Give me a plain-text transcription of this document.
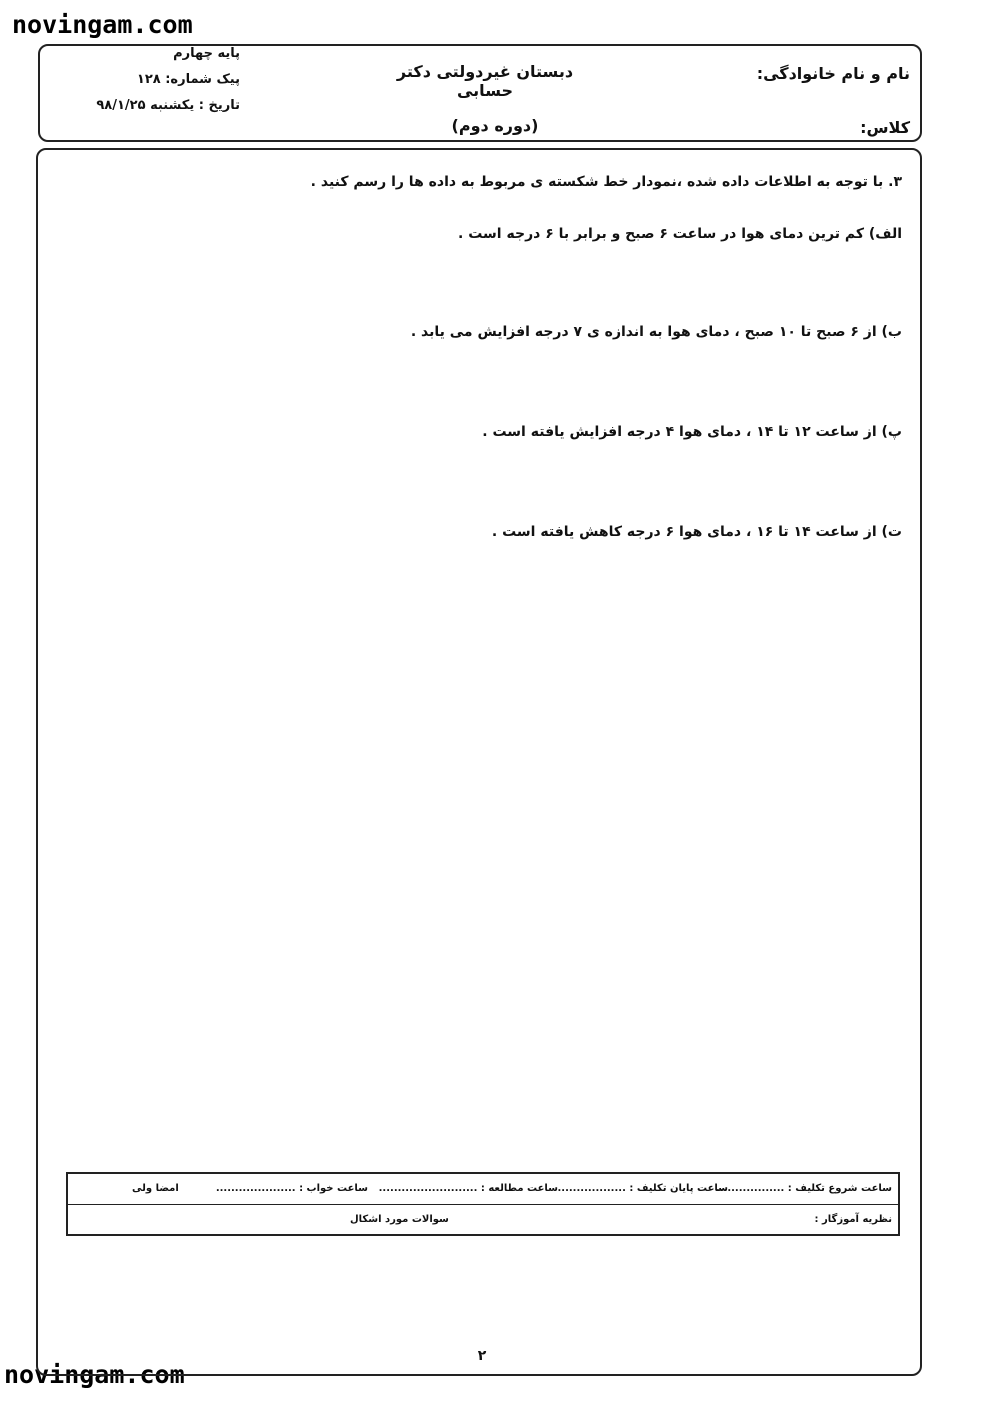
novingam.com
novingam.com
نام و نام خانوادگی:
کلاس:
دبستان غیردولتی دکتر حسابی
(دوره دوم)
پایه چهارم
پیک شماره: ۱۲۸
تاریخ : یکشنبه ۹۸/۱/۲۵
۳. با توجه به اطلاعات داده شده ،نمودار خط شکسته ی مربوط به داده ها را رسم کنید .
الف) کم ترین دمای هوا در ساعت ۶ صبح و برابر با ۶ درجه است .
ب) از ۶ صبح تا ۱۰ صبح ، دمای هوا به اندازه ی ۷ درجه افزایش می یابد .
پ) از ساعت ۱۲ تا ۱۴ ، دمای هوا ۴ درجه افزایش یافته است .
ت) از ساعت ۱۴ تا ۱۶ ، دمای هوا ۶ درجه کاهش یافته است .
۲
ساعت شروع تکلیف : ..................
ساعت پایان تکلیف : ..................
ساعت مطالعه : ..........................
ساعت خواب : .....................
امضا ولی
نظریه آموزگار :
سوالات مورد اشکال
